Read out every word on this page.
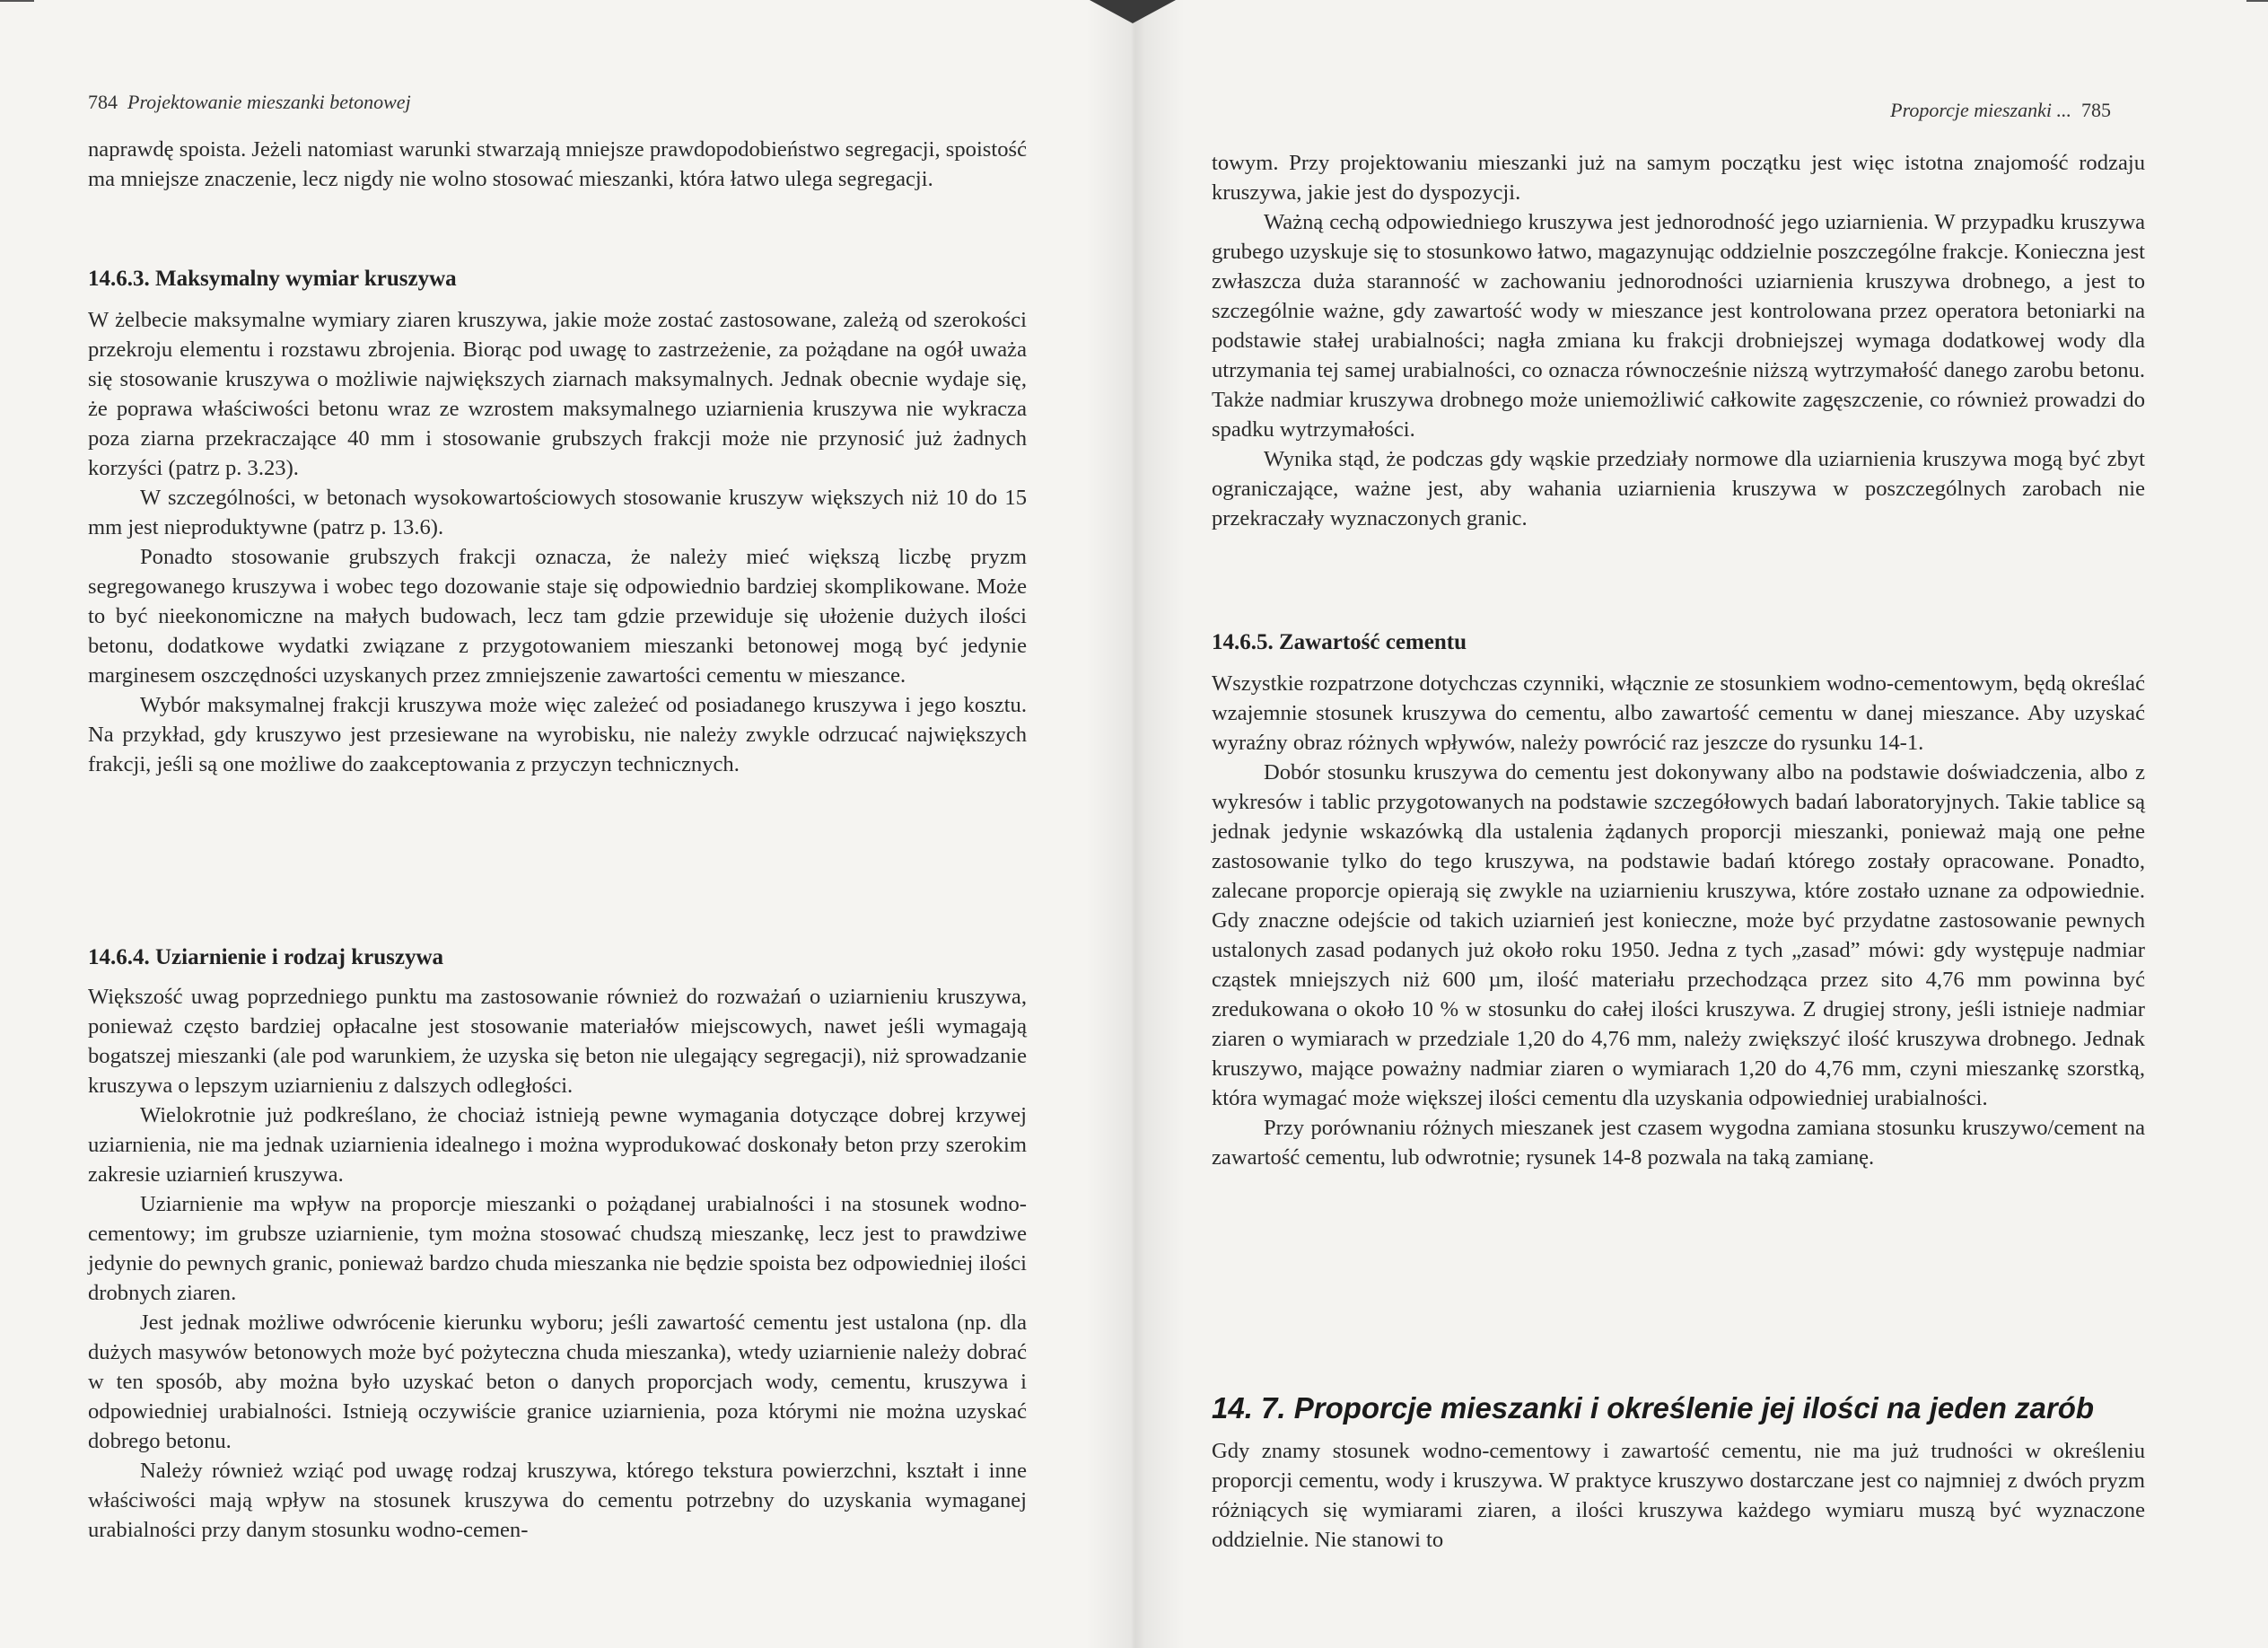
784 Projektowanie mieszanki betonowej

naprawdę spoista. Jeżeli natomiast warunki stwarzają mniejsze prawdopodobieństwo segregacji, spoistość ma mniejsze znaczenie, lecz nigdy nie wolno stosować mieszanki, która łatwo ulega segregacji.

14.6.3. Maksymalny wymiar kruszywa

W żelbecie maksymalne wymiary ziaren kruszywa, jakie może zostać zastosowane, zależą od szerokości przekroju elementu i rozstawu zbrojenia. Biorąc pod uwagę to zastrzeżenie, za pożądane na ogół uważa się stosowanie kruszywa o możliwie największych ziarnach maksymalnych. Jednak obecnie wydaje się, że poprawa właściwości betonu wraz ze wzrostem maksymalnego uziarnienia kruszywa nie wykracza poza ziarna przekraczające 40 mm i stosowanie grubszych frakcji może nie przynosić już żadnych korzyści (patrz p. 3.23).

W szczególności, w betonach wysokowartościowych stosowanie kruszyw większych niż 10 do 15 mm jest nieproduktywne (patrz p. 13.6).

Ponadto stosowanie grubszych frakcji oznacza, że należy mieć większą liczbę pryzm segregowanego kruszywa i wobec tego dozowanie staje się odpowiednio bardziej skomplikowane. Może to być nieekonomiczne na małych budowach, lecz tam gdzie przewiduje się ułożenie dużych ilości betonu, dodatkowe wydatki związane z przygotowaniem mieszanki betonowej mogą być jedynie marginesem oszczędności uzyskanych przez zmniejszenie zawartości cementu w mieszance.

Wybór maksymalnej frakcji kruszywa może więc zależeć od posiadanego kruszywa i jego kosztu. Na przykład, gdy kruszywo jest przesiewane na wyrobisku, nie należy zwykle odrzucać największych frakcji, jeśli są one możliwe do zaakceptowania z przyczyn technicznych.

14.6.4. Uziarnienie i rodzaj kruszywa

Większość uwag poprzedniego punktu ma zastosowanie również do rozważań o uziarnieniu kruszywa, ponieważ często bardziej opłacalne jest stosowanie materiałów miejscowych, nawet jeśli wymagają bogatszej mieszanki (ale pod warunkiem, że uzyska się beton nie ulegający segregacji), niż sprowadzanie kruszywa o lepszym uziarnieniu z dalszych odległości.

Wielokrotnie już podkreślano, że chociaż istnieją pewne wymagania dotyczące dobrej krzywej uziarnienia, nie ma jednak uziarnienia idealnego i można wyprodukować doskonały beton przy szerokim zakresie uziarnień kruszywa.

Uziarnienie ma wpływ na proporcje mieszanki o pożądanej urabialności i na stosunek wodno-cementowy; im grubsze uziarnienie, tym można stosować chudszą mieszankę, lecz jest to prawdziwe jedynie do pewnych granic, ponieważ bardzo chuda mieszanka nie będzie spoista bez odpowiedniej ilości drobnych ziaren.

Jest jednak możliwe odwrócenie kierunku wyboru; jeśli zawartość cementu jest ustalona (np. dla dużych masywów betonowych może być pożyteczna chuda mieszanka), wtedy uziarnienie należy dobrać w ten sposób, aby można było uzyskać beton o danych proporcjach wody, cementu, kruszywa i odpowiedniej urabialności. Istnieją oczywiście granice uziarnienia, poza którymi nie można uzyskać dobrego betonu.

Należy również wziąć pod uwagę rodzaj kruszywa, którego tekstura powierzchni, kształt i inne właściwości mają wpływ na stosunek kruszywa do cementu potrzebny do uzyskania wymaganej urabialności przy danym stosunku wodno-cemen-

Proporcje mieszanki ... 785

towym. Przy projektowaniu mieszanki już na samym początku jest więc istotna znajomość rodzaju kruszywa, jakie jest do dyspozycji.

Ważną cechą odpowiedniego kruszywa jest jednorodność jego uziarnienia. W przypadku kruszywa grubego uzyskuje się to stosunkowo łatwo, magazynując oddzielnie poszczególne frakcje. Konieczna jest zwłaszcza duża staranność w zachowaniu jednorodności uziarnienia kruszywa drobnego, a jest to szczególnie ważne, gdy zawartość wody w mieszance jest kontrolowana przez operatora betoniarki na podstawie stałej urabialności; nagła zmiana ku frakcji drobniejszej wymaga dodatkowej wody dla utrzymania tej samej urabialności, co oznacza równocześnie niższą wytrzymałość danego zarobu betonu. Także nadmiar kruszywa drobnego może uniemożliwić całkowite zagęszczenie, co również prowadzi do spadku wytrzymałości.

Wynika stąd, że podczas gdy wąskie przedziały normowe dla uziarnienia kruszywa mogą być zbyt ograniczające, ważne jest, aby wahania uziarnienia kruszywa w poszczególnych zarobach nie przekraczały wyznaczonych granic.

14.6.5. Zawartość cementu

Wszystkie rozpatrzone dotychczas czynniki, włącznie ze stosunkiem wodno-cementowym, będą określać wzajemnie stosunek kruszywa do cementu, albo zawartość cementu w danej mieszance. Aby uzyskać wyraźny obraz różnych wpływów, należy powrócić raz jeszcze do rysunku 14-1.

Dobór stosunku kruszywa do cementu jest dokonywany albo na podstawie doświadczenia, albo z wykresów i tablic przygotowanych na podstawie szczegółowych badań laboratoryjnych. Takie tablice są jednak jedynie wskazówką dla ustalenia żądanych proporcji mieszanki, ponieważ mają one pełne zastosowanie tylko do tego kruszywa, na podstawie badań którego zostały opracowane. Ponadto, zalecane proporcje opierają się zwykle na uziarnieniu kruszywa, które zostało uznane za odpowiednie. Gdy znaczne odejście od takich uziarnień jest konieczne, może być przydatne zastosowanie pewnych ustalonych zasad podanych już około roku 1950. Jedna z tych „zasad” mówi: gdy występuje nadmiar cząstek mniejszych niż 600 µm, ilość materiału przechodząca przez sito 4,76 mm powinna być zredukowana o około 10 % w stosunku do całej ilości kruszywa. Z drugiej strony, jeśli istnieje nadmiar ziaren o wymiarach w przedziale 1,20 do 4,76 mm, należy zwiększyć ilość kruszywa drobnego. Jednak kruszywo, mające poważny nadmiar ziaren o wymiarach 1,20 do 4,76 mm, czyni mieszankę szorstką, która wymagać może większej ilości cementu dla uzyskania odpowiedniej urabialności.

Przy porównaniu różnych mieszanek jest czasem wygodna zamiana stosunku kruszywo/cement na zawartość cementu, lub odwrotnie; rysunek 14-8 pozwala na taką zamianę.

14. 7. Proporcje mieszanki i określenie jej ilości na jeden zarób

Gdy znamy stosunek wodno-cementowy i zawartość cementu, nie ma już trudności w określeniu proporcji cementu, wody i kruszywa. W praktyce kruszywo dostarczane jest co najmniej z dwóch pryzm różniących się wymiarami ziaren, a ilości kruszywa każdego wymiaru muszą być wyznaczone oddzielnie. Nie stanowi to
